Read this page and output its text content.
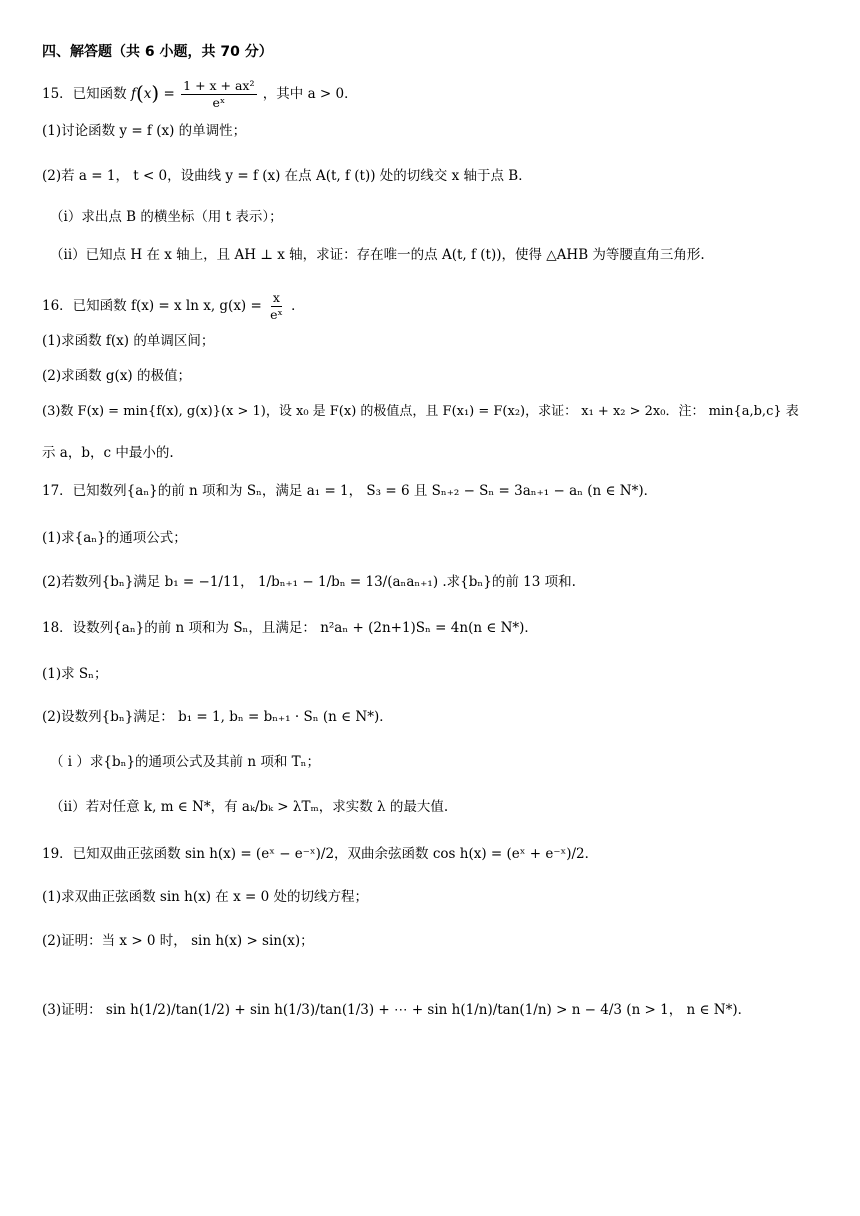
四、解答题（共 6 小题，共 70 分）
15．已知函数 $f(x) = \frac{\text{1 + x + ax²}}{\text{eˣ}}$ ，其中 a > 0．
(1)讨论函数 y = f (x) 的单调性；
(2)若 a = 1， t < 0，设曲线 y = f (x) 在点 A(t, f (t)) 处的切线交 x 轴于点 B．
（i）求出点 B 的横坐标（用 t 表示）；
（ii）已知点 H 在 x 轴上，且 AH ⊥ x 轴，求证：存在唯一的点 A(t, f (t))，使得 △AHB 为等腰直角三角形.
16．已知函数 f(x) = x ln x, $g(x) = \frac{x}{\text{eˣ}}$ ．
(1)求函数 f(x) 的单调区间；
(2)求函数 g(x) 的极值；
(3)数 F(x) = min{f(x), g(x)}(x > 1)，设 x₀ 是 F(x) 的极值点，且 F(x₁) = F(x₂)，求证： x₁ + x₂ > 2x₀．注： min{a,b,c} 表
示 a，b，c 中最小的.
17．已知数列{aₙ}的前 n 项和为 Sₙ，满足 a₁ = 1， S₃ = 6 且 Sₙ₊₂ − Sₙ = 3aₙ₊₁ − aₙ (n ∈ N*)．
(1)求{aₙ}的通项公式；
(2)若数列{bₙ}满足 b₁ = −1/11， 1/bₙ₊₁ − 1/bₙ = 13/(aₙaₙ₊₁) .求{bₙ}的前 13 项和.
18．设数列{aₙ}的前 n 项和为 Sₙ，且满足： n²aₙ + (2n+1)Sₙ = 4n(n ∈ N*)．
(1)求 Sₙ；
(2)设数列{bₙ}满足： b₁ = 1, bₙ = bₙ₊₁ · Sₙ (n ∈ N*)．
（ i ）求{bₙ}的通项公式及其前 n 项和 Tₙ；
（ii）若对任意 k, m ∈ N*，有 aₖ/bₖ > λTₘ，求实数 λ 的最大值.
19．已知双曲正弦函数 sin h(x) = (eˣ − e⁻ˣ)/2，双曲余弦函数 cos h(x) = (eˣ + e⁻ˣ)/2．
(1)求双曲正弦函数 sin h(x) 在 x = 0 处的切线方程；
(2)证明：当 x > 0 时， sin h(x) > sin(x)；
(3)证明： sin h(1/2)/tan(1/2) + sin h(1/3)/tan(1/3) + ⋯ + sin h(1/n)/tan(1/n) > n − 4/3 (n > 1， n ∈ N*)．
